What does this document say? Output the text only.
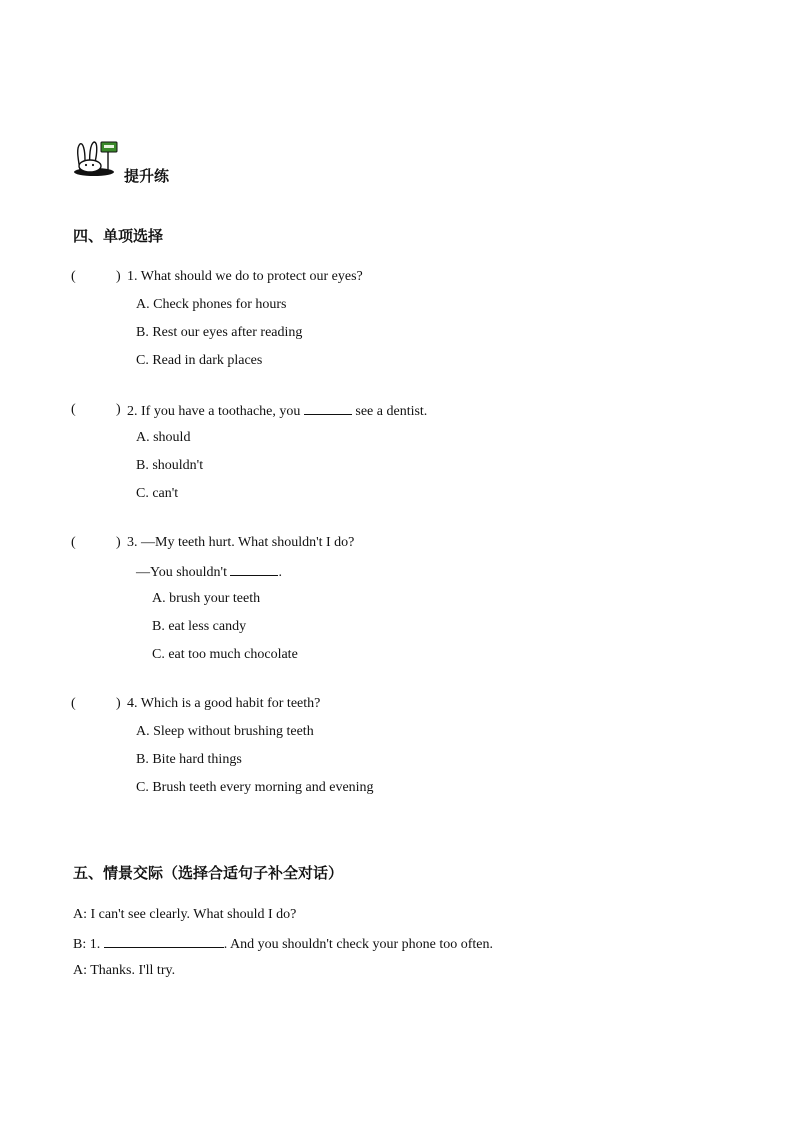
提升练
四、单项选择
(	) 1. What should we do to protect our eyes?
A. Check phones for hours
B. Rest our eyes after reading
C. Read in dark places
(	) 2. If you have a toothache, you	see a dentist.
A. should
B. shouldn't
C. can't
(	) 3. —My teeth hurt. What shouldn't I do?
—You shouldn't	.
A. brush your teeth
B. eat less candy
C. eat too much chocolate
(	) 4. Which is a good habit for teeth?
A. Sleep without brushing teeth
B. Bite hard things
C. Brush teeth every morning and evening
五、情景交际（选择合适句子补全对话）
A: I can't see clearly. What should I do?
B: 1.	. And you shouldn't check your phone too often.
A: Thanks. I'll try.
